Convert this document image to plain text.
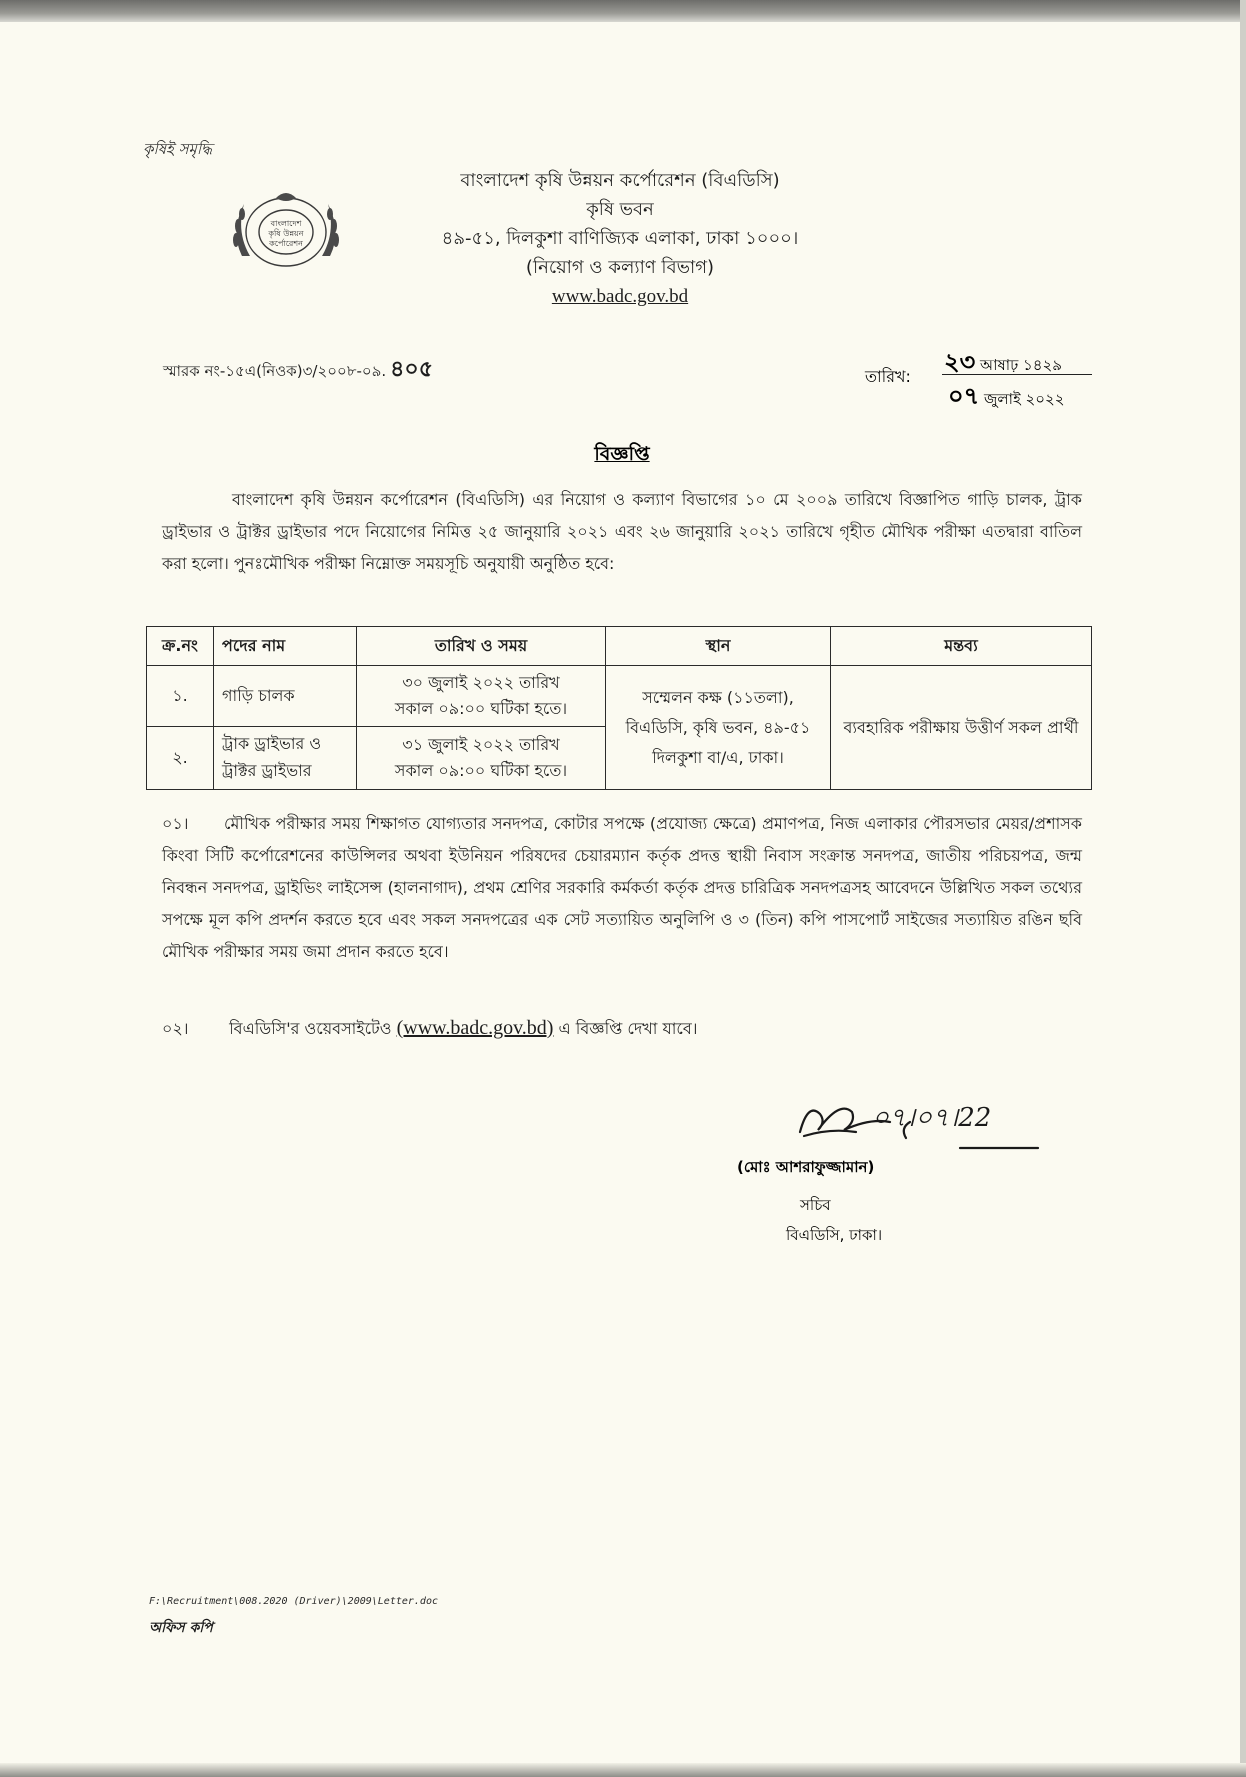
কৃষিই সমৃদ্ধি
বাংলাদেশ
কৃষি উন্নয়ন
কর্পোরেশন
বাংলাদেশ কৃষি উন্নয়ন কর্পোরেশন (বিএডিসি)
কৃষি ভবন
৪৯-৫১, দিলকুশা বাণিজ্যিক এলাকা, ঢাকা ১০০০।
(নিয়োগ ও কল্যাণ বিভাগ)
www.badc.gov.bd
স্মারক নং-১৫এ(নিওক)৩/২০০৮-০৯. ৪০৫	তারিখ:
২৩ আষাঢ় ১৪২৯
০৭ জুলাই ২০২২
বিজ্ঞপ্তি
বাংলাদেশ কৃষি উন্নয়ন কর্পোরেশন (বিএডিসি) এর নিয়োগ ও কল্যাণ বিভাগের ১০ মে ২০০৯ তারিখে বিজ্ঞাপিত গাড়ি চালক, ট্রাক ড্রাইভার ও ট্রাক্টর ড্রাইভার পদে নিয়োগের নিমিত্ত ২৫ জানুয়ারি ২০২১ এবং ২৬ জানুয়ারি ২০২১ তারিখে গৃহীত মৌখিক পরীক্ষা এতদ্বারা বাতিল করা হলো। পুনঃমৌখিক পরীক্ষা নিম্নোক্ত সময়সূচি অনুযায়ী অনুষ্ঠিত হবে:
ক্র.নং	পদের নাম	তারিখ ও সময়	স্থান	মন্তব্য
১.	গাড়ি চালক	৩০ জুলাই ২০২২ তারিখ
সকাল ০৯:০০ ঘটিকা হতে।	সম্মেলন কক্ষ (১১তলা), বিএডিসি, কৃষি ভবন, ৪৯-৫১ দিলকুশা বা/এ, ঢাকা।	ব্যবহারিক পরীক্ষায় উত্তীর্ণ সকল প্রার্থী
২.	ট্রাক ড্রাইভার ও ট্রাক্টর ড্রাইভার	৩১ জুলাই ২০২২ তারিখ
সকাল ০৯:০০ ঘটিকা হতে।		
০১। মৌখিক পরীক্ষার সময় শিক্ষাগত যোগ্যতার সনদপত্র, কোটার সপক্ষে (প্রযোজ্য ক্ষেত্রে) প্রমাণপত্র, নিজ এলাকার পৌরসভার মেয়র/প্রশাসক কিংবা সিটি কর্পোরেশনের কাউন্সিলর অথবা ইউনিয়ন পরিষদের চেয়ারম্যান কর্তৃক প্রদত্ত স্থায়ী নিবাস সংক্রান্ত সনদপত্র, জাতীয় পরিচয়পত্র, জন্ম নিবন্ধন সনদপত্র, ড্রাইভিং লাইসেন্স (হালনাগাদ), প্রথম শ্রেণির সরকারি কর্মকর্তা কর্তৃক প্রদত্ত চারিত্রিক সনদপত্রসহ আবেদনে উল্লিখিত সকল তথ্যের সপক্ষে মূল কপি প্রদর্শন করতে হবে এবং সকল সনদপত্রের এক সেট সত্যায়িত অনুলিপি ও ৩ (তিন) কপি পাসপোর্ট সাইজের সত্যায়িত রঙিন ছবি মৌখিক পরীক্ষার সময় জমা প্রদান করতে হবে।
০২।	বিএডিসি'র ওয়েবসাইটেও (www.badc.gov.bd) এ বিজ্ঞপ্তি দেখা যাবে।
০৭।০৭।22
(মোঃ আশরাফুজ্জামান)
সচিব
বিএডিসি, ঢাকা।
F:\Recruitment\008.2020 (Driver)\2009\Letter.doc
অফিস কপি
